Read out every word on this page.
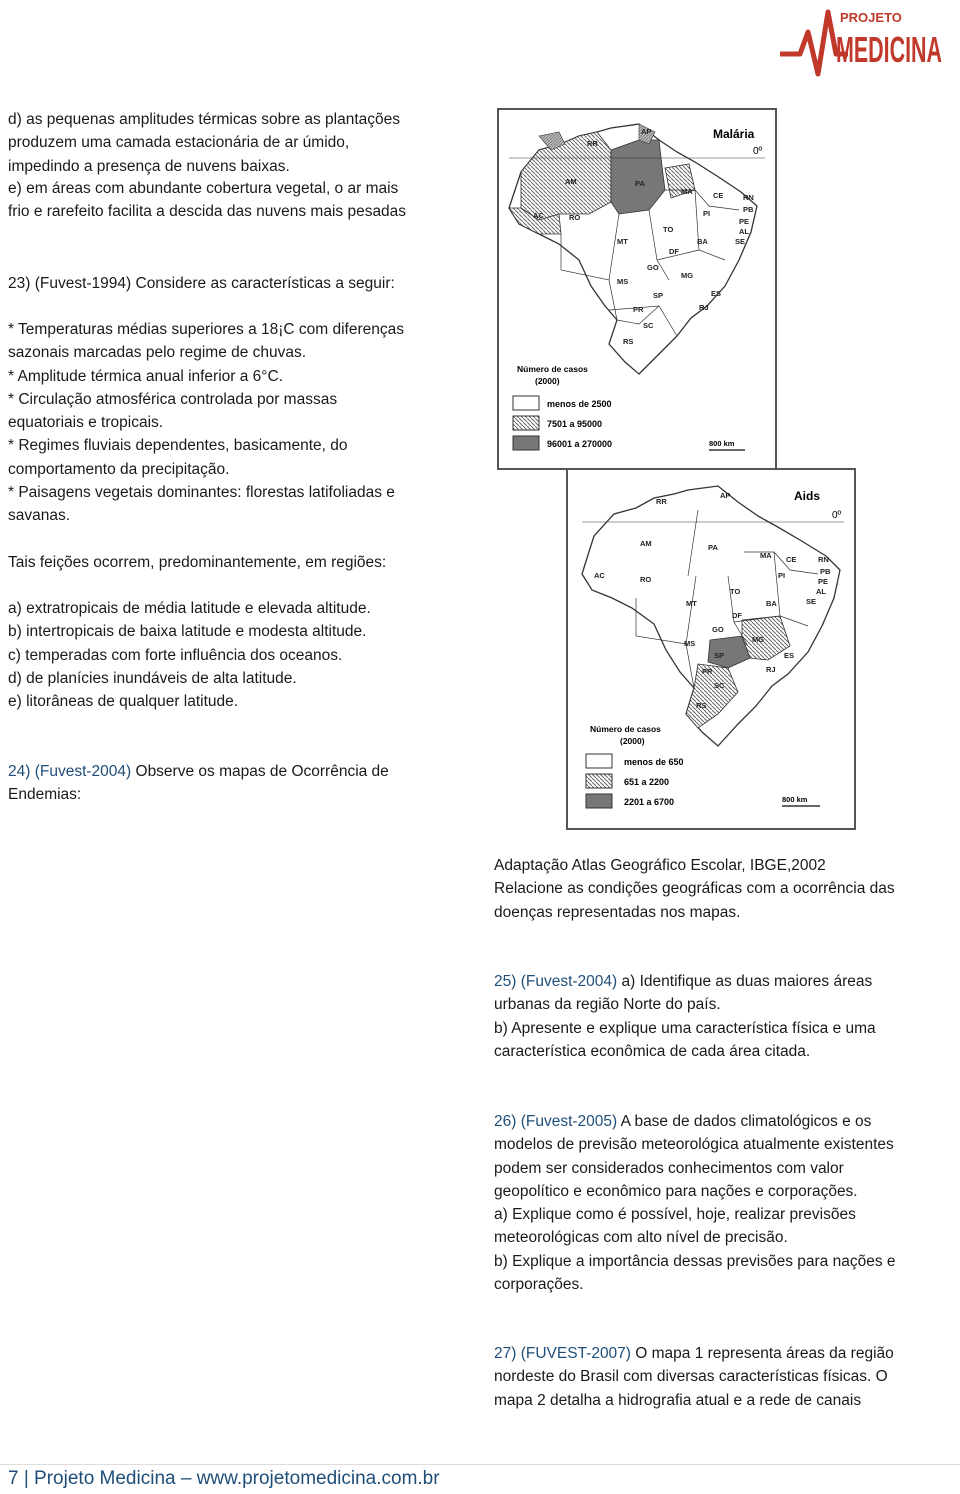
PROJETO
MEDICINA
d) as pequenas amplitudes térmicas sobre as plantações
produzem uma camada estacionária de ar úmido,
impedindo a presença de nuvens baixas.
e) em áreas com abundante cobertura vegetal, o ar mais
frio e rarefeito facilita a descida das nuvens mais pesadas
23) (Fuvest-1994) Considere as características a seguir:
* Temperaturas médias superiores a 18¡C com diferenças
sazonais marcadas pelo regime de chuvas.
* Amplitude térmica anual inferior a 6°C.
* Circulação atmosférica controlada por massas
equatoriais e tropicais.
* Regimes fluviais dependentes, basicamente, do
comportamento da precipitação.
* Paisagens vegetais dominantes: florestas latifoliadas e
savanas.
Tais feições ocorrem, predominantemente, em regiões:
a) extratropicais de média latitude e elevada altitude.
b) intertropicais de baixa latitude e modesta altitude.
c) temperadas com forte influência dos oceanos.
d) de planícies inundáveis de alta latitude.
e) litorâneas de qualquer latitude.
24) (Fuvest-2004) Observe os mapas de Ocorrência de
Endemias:
RR
AP
AM	PA
MA	CE	RN
PB
PE
AL
SE
AC	RO	PI
TO
BA
MT
DF
GO
MG
ES
MS
SP
RJ
PR
SC
RS
Malária
0º
Número de casos
(2000)
menos de 2500
7501 a 95000
96001 a 270000	800 km
RR
AP
AM	PA
MA CE	RN
PB
PE
AL
SE
AC	RO	PI
TO
BA
MT
DF
GO
MG
ES
MS
SP
RJ
PR
SC
RS
Aids
0º
Número de casos
(2000)
menos de 650
651 a 2200
2201 a 6700	800 km
Adaptação Atlas Geográfico Escolar, IBGE,2002
Relacione as condições geográficas com a ocorrência das
doenças representadas nos mapas.
25) (Fuvest-2004) a) Identifique as duas maiores áreas
urbanas da região Norte do país.
b) Apresente e explique uma característica física e uma
característica econômica de cada área citada.
26) (Fuvest-2005) A base de dados climatológicos e os
modelos de previsão meteorológica atualmente existentes
podem ser considerados conhecimentos com valor
geopolítico e econômico para nações e corporações.
a) Explique como é possível, hoje, realizar previsões
meteorológicas com alto nível de precisão.
b) Explique a importância dessas previsões para nações e
corporações.
27) (FUVEST-2007) O mapa 1 representa áreas da região
nordeste do Brasil com diversas características físicas. O
mapa 2 detalha a hidrografia atual e a rede de canais
7 | Projeto Medicina – www.projetomedicina.com.br
